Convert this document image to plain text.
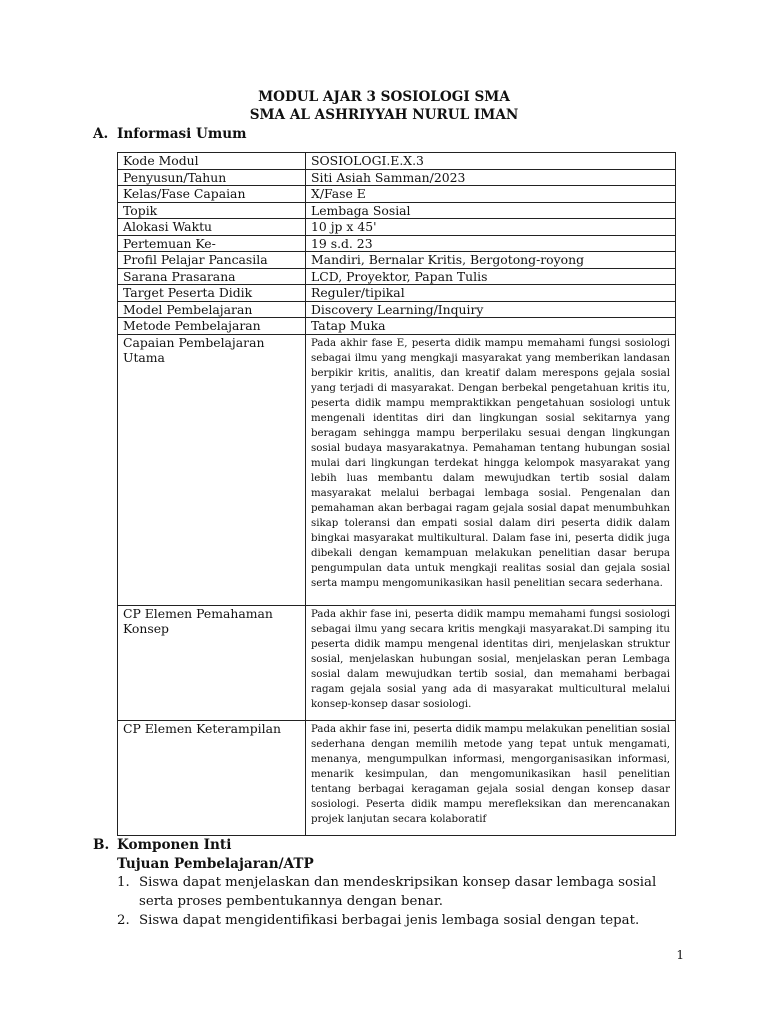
MODUL AJAR 3 SOSIOLOGI SMA
SMA AL ASHRIYYAH NURUL IMAN
A. Informasi Umum
Kode Modul	SOSIOLOGI.E.X.3
Penyusun/Tahun	Siti Asiah Samman/2023
Kelas/Fase Capaian	X/Fase E
Topik	Lembaga Sosial
Alokasi Waktu	10 jp x 45'
Pertemuan Ke-	19 s.d. 23
Profil Pelajar Pancasila	Mandiri, Bernalar Kritis, Bergotong-royong
Sarana Prasarana	LCD, Proyektor, Papan Tulis
Target Peserta Didik	Reguler/tipikal
Model Pembelajaran	Discovery Learning/Inquiry
Metode Pembelajaran	Tatap Muka
Capaian Pembelajaran Utama	Pada akhir fase E, peserta didik mampu memahami fungsi sosiologi sebagai ilmu yang mengkaji masyarakat yang memberikan landasan berpikir kritis, analitis, dan kreatif dalam merespons gejala sosial yang terjadi di masyarakat. Dengan berbekal pengetahuan kritis itu, peserta didik mampu mempraktikkan pengetahuan sosiologi untuk mengenali identitas diri dan lingkungan sosial sekitarnya yang beragam sehingga mampu berperilaku sesuai dengan lingkungan sosial budaya masyarakatnya. Pemahaman tentang hubungan sosial mulai dari lingkungan terdekat hingga kelompok masyarakat yang lebih luas membantu dalam mewujudkan tertib sosial dalam masyarakat melalui berbagai lembaga sosial. Pengenalan dan pemahaman akan berbagai ragam gejala sosial dapat menumbuhkan sikap toleransi dan empati sosial dalam diri peserta didik dalam bingkai masyarakat multikultural. Dalam fase ini, peserta didik juga dibekali dengan kemampuan melakukan penelitian dasar berupa pengumpulan data untuk mengkaji realitas sosial dan gejala sosial serta mampu mengomunikasikan hasil penelitian secara sederhana.
CP Elemen Pemahaman Konsep	Pada akhir fase ini, peserta didik mampu memahami fungsi sosiologi sebagai ilmu yang secara kritis mengkaji masyarakat.Di samping itu peserta didik mampu mengenal identitas diri, menjelaskan struktur sosial, menjelaskan hubungan sosial, menjelaskan peran Lembaga sosial dalam mewujudkan tertib sosial, dan memahami berbagai ragam gejala sosial yang ada di masyarakat multicultural melalui konsep-konsep dasar sosiologi.
CP Elemen Keterampilan	Pada akhir fase ini, peserta didik mampu melakukan penelitian sosial sederhana dengan memilih metode yang tepat untuk mengamati, menanya, mengumpulkan informasi, mengorganisasikan informasi, menarik kesimpulan, dan mengomunikasikan hasil penelitian tentang berbagai keragaman gejala sosial dengan konsep dasar sosiologi. Peserta didik mampu merefleksikan dan merencanakan projek lanjutan secara kolaboratif
B. Komponen Inti
Tujuan Pembelajaran/ATP
1. Siswa dapat menjelaskan dan mendeskripsikan konsep dasar lembaga sosial serta proses pembentukannya dengan benar.
2. Siswa dapat mengidentifikasi berbagai jenis lembaga sosial dengan tepat.
1
